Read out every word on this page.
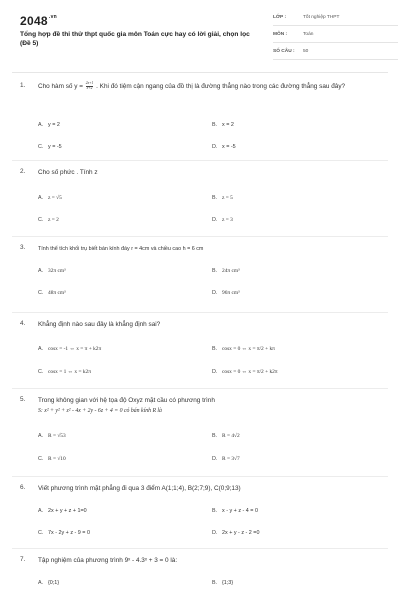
$2048^{.vn}$
Tổng hợp đề thi thử thpt quốc gia môn Toán cực hay có lời giải, chọn lọc (Đề 5)
LỚP :	Tốt nghiệp THPT
MÔN :	Toán
SỐ CÂU : 50
1. Cho hàm số $y = \frac{2x+1}{x+2}$ . Khi đó tiệm cận ngang của đồ thị là đường thẳng nào trong các đường thẳng sau đây?
A. y = 2	B. x = 2
C. y = -5	D. x = -5
2. Cho số phức . Tính z
A. z = √5	B. z = 5
C. z = 2	D. z = 3
3. Tính thể tích khối trụ biết bán kính đáy r = 4cm và chiều cao h = 6 cm
A. 32π cm³	B. 24π cm³
C. 48π cm³	D. 96π cm³
4. Khẳng định nào sau đây là khẳng định sai?
A. cosx = -1 ⇔ x = π + k2π	B. cosx = 0 ⇔ x = π/2 + kπ
C. cosx = 1 ⇔ x = k2π	D. cosx = 0 ⇔ x = π/2 + k2π
5. Trong không gian với hệ tọa độ Oxyz mặt cầu có phương trình
S: x² + y² + z² - 4x + 2y - 6z + 4 = 0 có bán kính R là
A. R = √53	B. R = 4√2
C. R = √10	D. R = 3√7
6. Viết phương trình mặt phẳng đi qua 3 điểm A(1;1;4), B(2;7;9), C(0;9;13)
A. 2x + y + z + 1=0	B. x - y + z - 4 = 0
C. 7x - 2y + z - 9 = 0	D. 2x + y - z - 2 =0
7. Tập nghiệm của phương trình 9ˣ - 4.3ˣ + 3 = 0 là:
A. {0;1}	B. {1;3}
